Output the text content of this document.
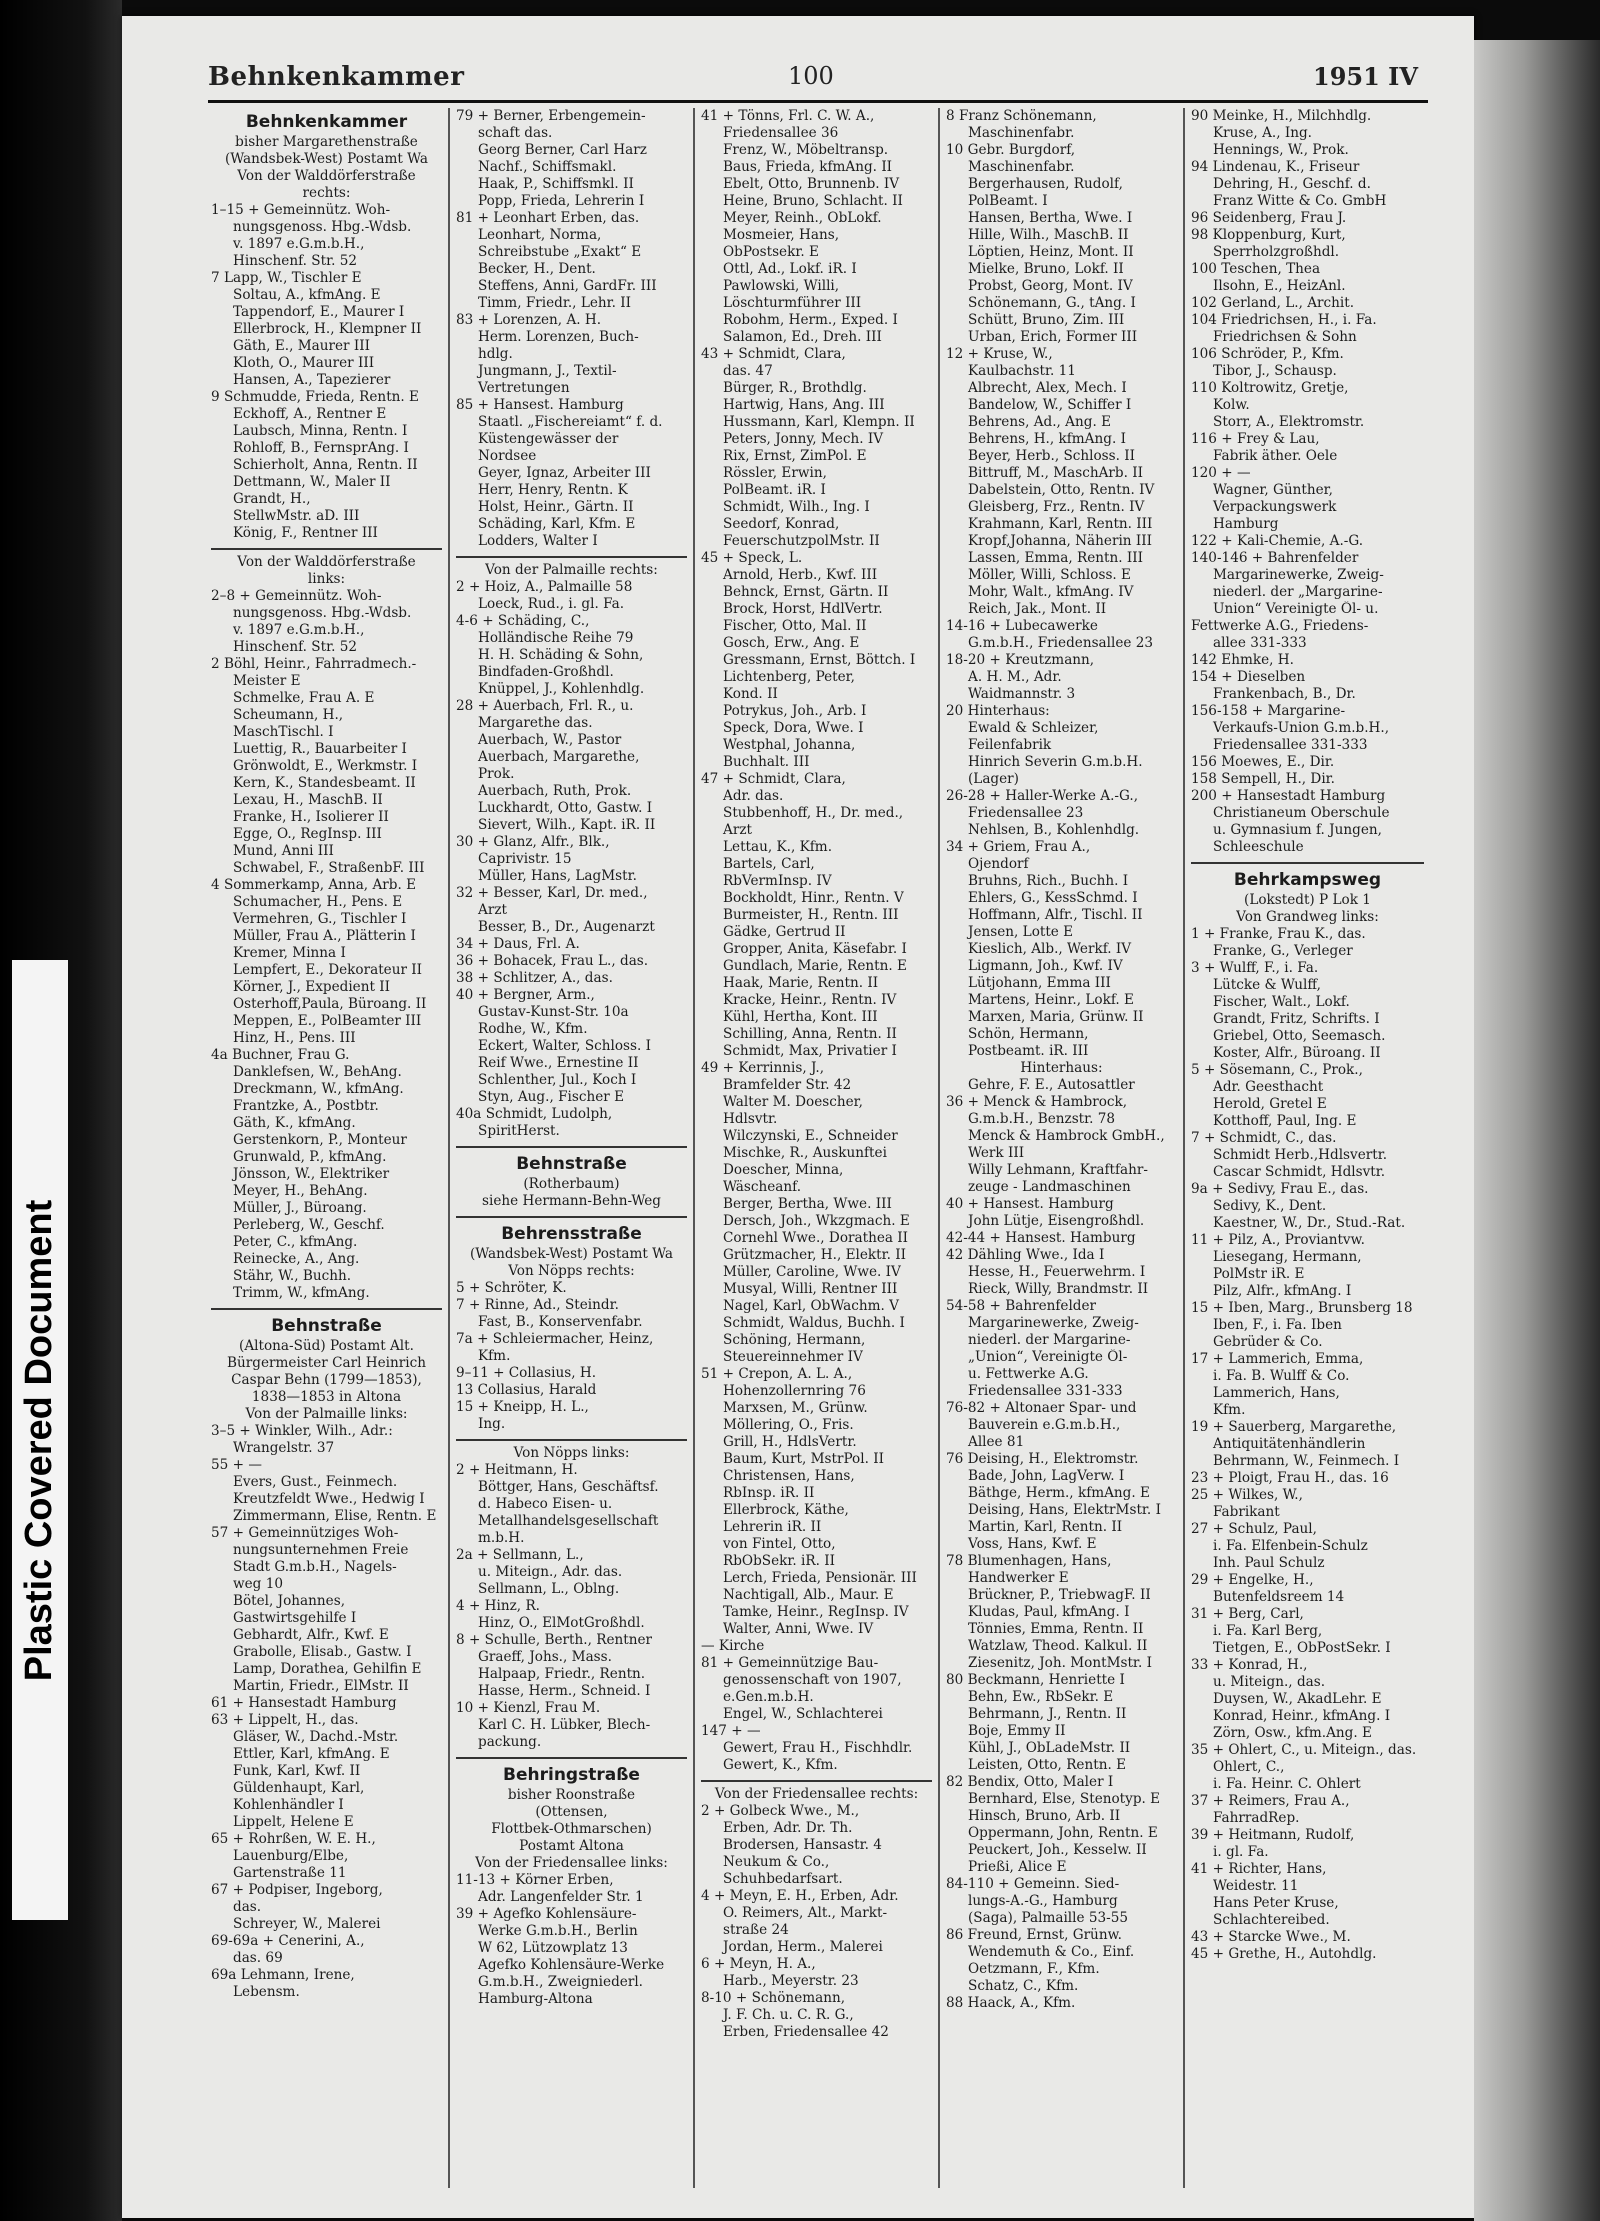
Plastic Covered Document
Behnkenkammer	100	1951 IV
Behnkenkammer
bisher Margarethenstraße
(Wandsbek-West) Postamt Wa
Von der Walddörferstraße
rechts:
1–15 + Gemeinnütz. Woh-
nungsgenoss. Hbg.-Wdsb.
v. 1897 e.G.m.b.H.,
Hinschenf. Str. 52
7 Lapp, W., Tischler E
Soltau, A., kfmAng. E
Tappendorf, E., Maurer I
Ellerbrock, H., Klempner II
Gäth, E., Maurer III
Kloth, O., Maurer III
Hansen, A., Tapezierer
9 Schmudde, Frieda, Rentn. E
Eckhoff, A., Rentner E
Laubsch, Minna, Rentn. I
Rohloff, B., FernsprAng. I
Schierholt, Anna, Rentn. II
Dettmann, W., Maler II
Grandt, H.,
StellwMstr. aD. III
König, F., Rentner III
Von der Walddörferstraße
links:
2–8 + Gemeinnütz. Woh-
nungsgenoss. Hbg.-Wdsb.
v. 1897 e.G.m.b.H.,
Hinschenf. Str. 52
2 Böhl, Heinr., Fahrradmech.-
Meister E
Schmelke, Frau A. E
Scheumann, H.,
MaschTischl. I
Luettig, R., Bauarbeiter I
Grönwoldt, E., Werkmstr. I
Kern, K., Standesbeamt. II
Lexau, H., MaschB. II
Franke, H., Isolierer II
Egge, O., RegInsp. III
Mund, Anni III
Schwabel, F., StraßenbF. III
4 Sommerkamp, Anna, Arb. E
Schumacher, H., Pens. E
Vermehren, G., Tischler I
Müller, Frau A., Plätterin I
Kremer, Minna I
Lempfert, E., Dekorateur II
Körner, J., Expedient II
Osterhoff,Paula, Büroang. II
Meppen, E., PolBeamter III
Hinz, H., Pens. III
4a Buchner, Frau G.
Danklefsen, W., BehAng.
Dreckmann, W., kfmAng.
Frantzke, A., Postbtr.
Gäth, K., kfmAng.
Gerstenkorn, P., Monteur
Grunwald, P., kfmAng.
Jönsson, W., Elektriker
Meyer, H., BehAng.
Müller, J., Büroang.
Perleberg, W., Geschf.
Peter, C., kfmAng.
Reinecke, A., Ang.
Stähr, W., Buchh.
Trimm, W., kfmAng.
Behnstraße
(Altona-Süd) Postamt Alt.
Bürgermeister Carl Heinrich
Caspar Behn (1799—1853),
1838—1853 in Altona
Von der Palmaille links:
3–5 + Winkler, Wilh., Adr.:
Wrangelstr. 37
55 + —
Evers, Gust., Feinmech.
Kreutzfeldt Wwe., Hedwig I
Zimmermann, Elise, Rentn. E
57 + Gemeinnütziges Woh-
nungsunternehmen Freie
Stadt G.m.b.H., Nagels-
weg 10
Bötel, Johannes,
Gastwirtsgehilfe I
Gebhardt, Alfr., Kwf. E
Grabolle, Elisab., Gastw. I
Lamp, Dorathea, Gehilfin E
Martin, Friedr., ElMstr. II
61 + Hansestadt Hamburg
63 + Lippelt, H., das.
Gläser, W., Dachd.-Mstr.
Ettler, Karl, kfmAng. E
Funk, Karl, Kwf. II
Güldenhaupt, Karl,
Kohlenhändler I
Lippelt, Helene E
65 + Rohrßen, W. E. H.,
Lauenburg/Elbe,
Gartenstraße 11
67 + Podpiser, Ingeborg,
das.
Schreyer, W., Malerei
69-69a + Cenerini, A.,
das. 69
69a Lehmann, Irene,
Lebensm.
79 + Berner, Erbengemein-
schaft das.
Georg Berner, Carl Harz
Nachf., Schiffsmakl.
Haak, P., Schiffsmkl. II
Popp, Frieda, Lehrerin I
81 + Leonhart Erben, das.
Leonhart, Norma,
Schreibstube „Exakt“ E
Becker, H., Dent.
Steffens, Anni, GardFr. III
Timm, Friedr., Lehr. II
83 + Lorenzen, A. H.
Herm. Lorenzen, Buch-
hdlg.
Jungmann, J., Textil-
Vertretungen
85 + Hansest. Hamburg
Staatl. „Fischereiamt“ f. d.
Küstengewässer der
Nordsee
Geyer, Ignaz, Arbeiter III
Herr, Henry, Rentn. K
Holst, Heinr., Gärtn. II
Schäding, Karl, Kfm. E
Lodders, Walter I
Von der Palmaille rechts:
2 + Hoiz, A., Palmaille 58
Loeck, Rud., i. gl. Fa.
4-6 + Schäding, C.,
Holländische Reihe 79
H. H. Schäding & Sohn,
Bindfaden-Großhdl.
Knüppel, J., Kohlenhdlg.
28 + Auerbach, Frl. R., u.
Margarethe das.
Auerbach, W., Pastor
Auerbach, Margarethe,
Prok.
Auerbach, Ruth, Prok.
Luckhardt, Otto, Gastw. I
Sievert, Wilh., Kapt. iR. II
30 + Glanz, Alfr., Blk.,
Caprivistr. 15
Müller, Hans, LagMstr.
32 + Besser, Karl, Dr. med.,
Arzt
Besser, B., Dr., Augenarzt
34 + Daus, Frl. A.
36 + Bohacek, Frau L., das.
38 + Schlitzer, A., das.
40 + Bergner, Arm.,
Gustav-Kunst-Str. 10a
Rodhe, W., Kfm.
Eckert, Walter, Schloss. I
Reif Wwe., Ernestine II
Schlenther, Jul., Koch I
Styn, Aug., Fischer E
40a Schmidt, Ludolph,
SpiritHerst.
Behnstraße
(Rotherbaum)
siehe Hermann-Behn-Weg
Behrensstraße
(Wandsbek-West) Postamt Wa
Von Nöpps rechts:
5 + Schröter, K.
7 + Rinne, Ad., Steindr.
Fast, B., Konservenfabr.
7a + Schleiermacher, Heinz,
Kfm.
9–11 + Collasius, H.
13 Collasius, Harald
15 + Kneipp, H. L.,
Ing.
Von Nöpps links:
2 + Heitmann, H.
Böttger, Hans, Geschäftsf.
d. Habeco Eisen- u.
Metallhandelsgesellschaft
m.b.H.
2a + Sellmann, L.,
u. Miteign., Adr. das.
Sellmann, L., Oblng.
4 + Hinz, R.
Hinz, O., ElMotGroßhdl.
8 + Schulle, Berth., Rentner
Graeff, Johs., Mass.
Halpaap, Friedr., Rentn.
Hasse, Herm., Schneid. I
10 + Kienzl, Frau M.
Karl C. H. Lübker, Blech-
packung.
Behringstraße
bisher Roonstraße
(Ottensen,
Flottbek-Othmarschen)
Postamt Altona
Von der Friedensallee links:
11-13 + Körner Erben,
Adr. Langenfelder Str. 1
39 + Agefko Kohlensäure-
Werke G.m.b.H., Berlin
W 62, Lützowplatz 13
Agefko Kohlensäure-Werke
G.m.b.H., Zweigniederl.
Hamburg-Altona
41 + Tönns, Frl. C. W. A.,
Friedensallee 36
Frenz, W., Möbeltransp.
Baus, Frieda, kfmAng. II
Ebelt, Otto, Brunnenb. IV
Heine, Bruno, Schlacht. II
Meyer, Reinh., ObLokf.
Mosmeier, Hans,
ObPostsekr. E
Ottl, Ad., Lokf. iR. I
Pawlowski, Willi,
Löschturmführer III
Robohm, Herm., Exped. I
Salamon, Ed., Dreh. III
43 + Schmidt, Clara,
das. 47
Bürger, R., Brothdlg.
Hartwig, Hans, Ang. III
Hussmann, Karl, Klempn. II
Peters, Jonny, Mech. IV
Rix, Ernst, ZimPol. E
Rössler, Erwin,
PolBeamt. iR. I
Schmidt, Wilh., Ing. I
Seedorf, Konrad,
FeuerschutzpolMstr. II
45 + Speck, L.
Arnold, Herb., Kwf. III
Behnck, Ernst, Gärtn. II
Brock, Horst, HdlVertr.
Fischer, Otto, Mal. II
Gosch, Erw., Ang. E
Gressmann, Ernst, Böttch. I
Lichtenberg, Peter,
Kond. II
Potrykus, Joh., Arb. I
Speck, Dora, Wwe. I
Westphal, Johanna,
Buchhalt. III
47 + Schmidt, Clara,
Adr. das.
Stubbenhoff, H., Dr. med.,
Arzt
Lettau, K., Kfm.
Bartels, Carl,
RbVermInsp. IV
Bockholdt, Hinr., Rentn. V
Burmeister, H., Rentn. III
Gädke, Gertrud II
Gropper, Anita, Käsefabr. I
Gundlach, Marie, Rentn. E
Haak, Marie, Rentn. II
Kracke, Heinr., Rentn. IV
Kühl, Hertha, Kont. III
Schilling, Anna, Rentn. II
Schmidt, Max, Privatier I
49 + Kerrinnis, J.,
Bramfelder Str. 42
Walter M. Doescher,
Hdlsvtr.
Wilczynski, E., Schneider
Mischke, R., Auskunftei
Doescher, Minna,
Wäscheanf.
Berger, Bertha, Wwe. III
Dersch, Joh., Wkzgmach. E
Cornehl Wwe., Dorathea II
Grützmacher, H., Elektr. II
Müller, Caroline, Wwe. IV
Musyal, Willi, Rentner III
Nagel, Karl, ObWachm. V
Schmidt, Waldus, Buchh. I
Schöning, Hermann,
Steuereinnehmer IV
51 + Crepon, A. L. A.,
Hohenzollernring 76
Marxsen, M., Grünw.
Möllering, O., Fris.
Grill, H., HdlsVertr.
Baum, Kurt, MstrPol. II
Christensen, Hans,
RbInsp. iR. II
Ellerbrock, Käthe,
Lehrerin iR. II
von Fintel, Otto,
RbObSekr. iR. II
Lerch, Frieda, Pensionär. III
Nachtigall, Alb., Maur. E
Tamke, Heinr., RegInsp. IV
Walter, Anni, Wwe. IV
— Kirche
81 + Gemeinnützige Bau-
genossenschaft von 1907,
e.Gen.m.b.H.
Engel, W., Schlachterei
147 + —
Gewert, Frau H., Fischhdlr.
Gewert, K., Kfm.
Von der Friedensallee rechts:
2 + Golbeck Wwe., M.,
Erben, Adr. Dr. Th.
Brodersen, Hansastr. 4
Neukum & Co.,
Schuhbedarfsart.
4 + Meyn, E. H., Erben, Adr.
O. Reimers, Alt., Markt-
straße 24
Jordan, Herm., Malerei
6 + Meyn, H. A.,
Harb., Meyerstr. 23
8-10 + Schönemann,
J. F. Ch. u. C. R. G.,
Erben, Friedensallee 42
8 Franz Schönemann,
Maschinenfabr.
10 Gebr. Burgdorf,
Maschinenfabr.
Bergerhausen, Rudolf,
PolBeamt. I
Hansen, Bertha, Wwe. I
Hille, Wilh., MaschB. II
Löptien, Heinz, Mont. II
Mielke, Bruno, Lokf. II
Probst, Georg, Mont. IV
Schönemann, G., tAng. I
Schütt, Bruno, Zim. III
Urban, Erich, Former III
12 + Kruse, W.,
Kaulbachstr. 11
Albrecht, Alex, Mech. I
Bandelow, W., Schiffer I
Behrens, Ad., Ang. E
Behrens, H., kfmAng. I
Beyer, Herb., Schloss. II
Bittruff, M., MaschArb. II
Dabelstein, Otto, Rentn. IV
Gleisberg, Frz., Rentn. IV
Krahmann, Karl, Rentn. III
Kropf,Johanna, Näherin III
Lassen, Emma, Rentn. III
Möller, Willi, Schloss. E
Mohr, Walt., kfmAng. IV
Reich, Jak., Mont. II
14-16 + Lubecawerke
G.m.b.H., Friedensallee 23
18-20 + Kreutzmann,
A. H. M., Adr.
Waidmannstr. 3
20 Hinterhaus:
Ewald & Schleizer,
Feilenfabrik
Hinrich Severin G.m.b.H.
(Lager)
26-28 + Haller-Werke A.-G.,
Friedensallee 23
Nehlsen, B., Kohlenhdlg.
34 + Griem, Frau A.,
Ojendorf
Bruhns, Rich., Buchh. I
Ehlers, G., KessSchmd. I
Hoffmann, Alfr., Tischl. II
Jensen, Lotte E
Kieslich, Alb., Werkf. IV
Ligmann, Joh., Kwf. IV
Lütjohann, Emma III
Martens, Heinr., Lokf. E
Marxen, Maria, Grünw. II
Schön, Hermann,
Postbeamt. iR. III
Hinterhaus:
Gehre, F. E., Autosattler
36 + Menck & Hambrock,
G.m.b.H., Benzstr. 78
Menck & Hambrock GmbH.,
Werk III
Willy Lehmann, Kraftfahr-
zeuge - Landmaschinen
40 + Hansest. Hamburg
John Lütje, Eisengroßhdl.
42-44 + Hansest. Hamburg
42 Dähling Wwe., Ida I
Hesse, H., Feuerwehrm. I
Rieck, Willy, Brandmstr. II
54-58 + Bahrenfelder
Margarinewerke, Zweig-
niederl. der Margarine-
„Union“, Vereinigte Öl-
u. Fettwerke A.G.
Friedensallee 331-333
76-82 + Altonaer Spar- und
Bauverein e.G.m.b.H.,
Allee 81
76 Deising, H., Elektromstr.
Bade, John, LagVerw. I
Bäthge, Herm., kfmAng. E
Deising, Hans, ElektrMstr. I
Martin, Karl, Rentn. II
Voss, Hans, Kwf. E
78 Blumenhagen, Hans,
Handwerker E
Brückner, P., TriebwagF. II
Kludas, Paul, kfmAng. I
Tönnies, Emma, Rentn. II
Watzlaw, Theod. Kalkul. II
Ziesenitz, Joh. MontMstr. I
80 Beckmann, Henriette I
Behn, Ew., RbSekr. E
Behrmann, J., Rentn. II
Boje, Emmy II
Kühl, J., ObLadeMstr. II
Leisten, Otto, Rentn. E
82 Bendix, Otto, Maler I
Bernhard, Else, Stenotyp. E
Hinsch, Bruno, Arb. II
Oppermann, John, Rentn. E
Peuckert, Joh., Kesselw. II
Prießi, Alice E
84-110 + Gemeinn. Sied-
lungs-A.-G., Hamburg
(Saga), Palmaille 53-55
86 Freund, Ernst, Grünw.
Wendemuth & Co., Einf.
Oetzmann, F., Kfm.
Schatz, C., Kfm.
88 Haack, A., Kfm.
90 Meinke, H., Milchhdlg.
Kruse, A., Ing.
Hennings, W., Prok.
94 Lindenau, K., Friseur
Dehring, H., Geschf. d.
Franz Witte & Co. GmbH
96 Seidenberg, Frau J.
98 Kloppenburg, Kurt,
Sperrholzgroßhdl.
100 Teschen, Thea
Ilsohn, E., HeizAnl.
102 Gerland, L., Archit.
104 Friedrichsen, H., i. Fa.
Friedrichsen & Sohn
106 Schröder, P., Kfm.
Tibor, J., Schausp.
110 Koltrowitz, Gretje,
Kolw.
Storr, A., Elektromstr.
116 + Frey & Lau,
Fabrik äther. Oele
120 + —
Wagner, Günther,
Verpackungswerk
Hamburg
122 + Kali-Chemie, A.-G.
140-146 + Bahrenfelder
Margarinewerke, Zweig-
niederl. der „Margarine-
Union“ Vereinigte Öl- u.
Fettwerke A.G., Friedens-
allee 331-333
142 Ehmke, H.
154 + Dieselben
Frankenbach, B., Dr.
156-158 + Margarine-
Verkaufs-Union G.m.b.H.,
Friedensallee 331-333
156 Moewes, E., Dir.
158 Sempell, H., Dir.
200 + Hansestadt Hamburg
Christianeum Oberschule
u. Gymnasium f. Jungen,
Schleeschule
Behrkampsweg
(Lokstedt) P Lok 1
Von Grandweg links:
1 + Franke, Frau K., das.
Franke, G., Verleger
3 + Wulff, F., i. Fa.
Lütcke & Wulff,
Fischer, Walt., Lokf.
Grandt, Fritz, Schrifts. I
Griebel, Otto, Seemasch.
Koster, Alfr., Büroang. II
5 + Sösemann, C., Prok.,
Adr. Geesthacht
Herold, Gretel E
Kotthoff, Paul, Ing. E
7 + Schmidt, C., das.
Schmidt Herb.,Hdlsvertr.
Cascar Schmidt, Hdlsvtr.
9a + Sedivy, Frau E., das.
Sedivy, K., Dent.
Kaestner, W., Dr., Stud.-Rat.
11 + Pilz, A., Proviantvw.
Liesegang, Hermann,
PolMstr iR. E
Pilz, Alfr., kfmAng. I
15 + Iben, Marg., Brunsberg 18
Iben, F., i. Fa. Iben
Gebrüder & Co.
17 + Lammerich, Emma,
i. Fa. B. Wulff & Co.
Lammerich, Hans,
Kfm.
19 + Sauerberg, Margarethe,
Antiquitätenhändlerin
Behrmann, W., Feinmech. I
23 + Ploigt, Frau H., das. 16
25 + Wilkes, W.,
Fabrikant
27 + Schulz, Paul,
i. Fa. Elfenbein-Schulz
Inh. Paul Schulz
29 + Engelke, H.,
Butenfeldsreem 14
31 + Berg, Carl,
i. Fa. Karl Berg,
Tietgen, E., ObPostSekr. I
33 + Konrad, H.,
u. Miteign., das.
Duysen, W., AkadLehr. E
Konrad, Heinr., kfmAng. I
Zörn, Osw., kfm.Ang. E
35 + Ohlert, C., u. Miteign., das.
Ohlert, C.,
i. Fa. Heinr. C. Ohlert
37 + Reimers, Frau A.,
FahrradRep.
39 + Heitmann, Rudolf,
i. gl. Fa.
41 + Richter, Hans,
Weidestr. 11
Hans Peter Kruse,
Schlachtereibed.
43 + Starcke Wwe., M.
45 + Grethe, H., Autohdlg.
